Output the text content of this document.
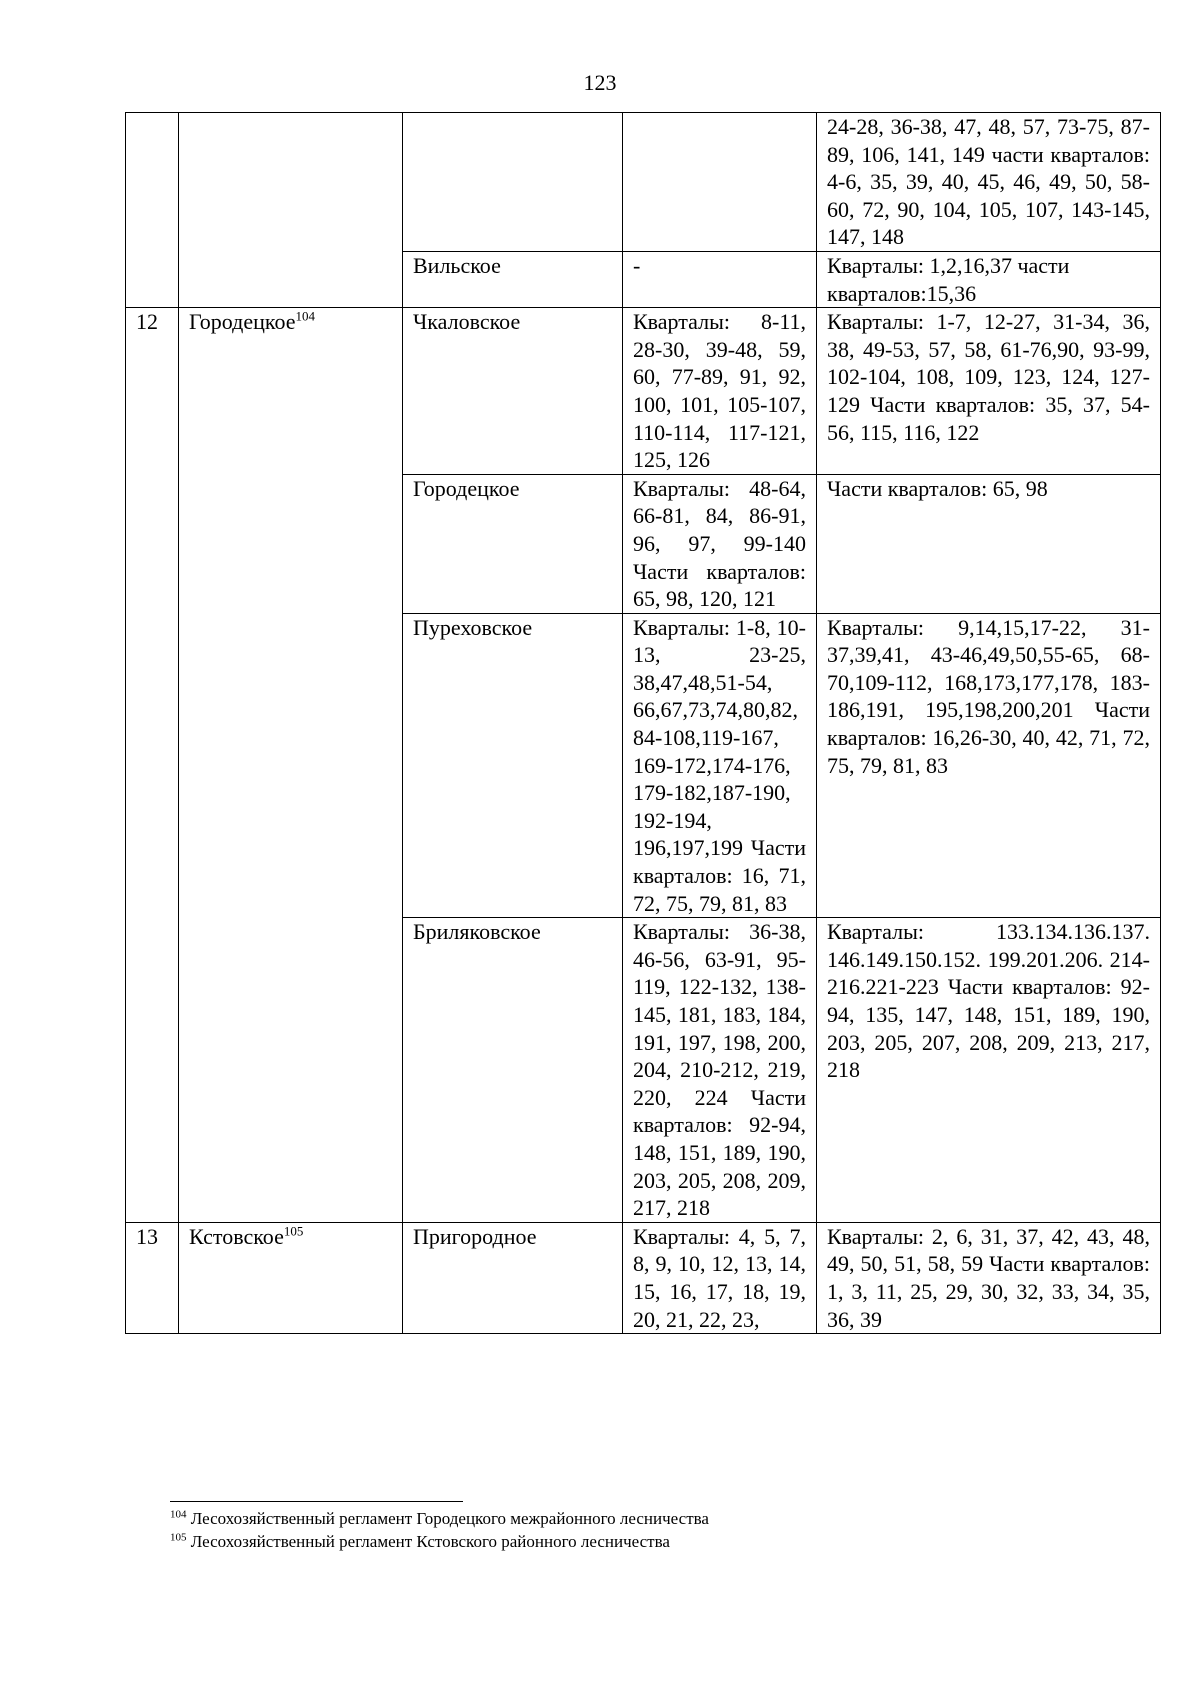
123
				24-28, 36-38, 47, 48, 57, 73-75, 87-89, 106, 141, 149 части кварталов: 4-6, 35, 39, 40, 45, 46, 49, 50, 58-60, 72, 90, 104, 105, 107, 143-145, 147, 148
		Вильское	-	Кварталы: 1,2,16,37 части кварталов:15,36
12	Городецкое$^{104}$	Чкаловское	Кварталы: 8-11, 28-30, 39-48, 59, 60, 77-89, 91, 92, 100, 101, 105-107, 110-114, 117-121, 125, 126	Кварталы: 1-7, 12-27, 31-34, 36, 38, 49-53, 57, 58, 61-76,90, 93-99, 102-104, 108, 109, 123, 124, 127-129 Части кварталов: 35, 37, 54-56, 115, 116, 122
		Городецкое	Кварталы: 48-64, 66-81, 84, 86-91, 96, 97, 99-140 Части кварталов: 65, 98, 120, 121	Части кварталов: 65, 98
		Пуреховское	Кварталы: 1-8, 10-13, 23-25, 38,47,48,51-54, 66,67,73,74,80,82, 84-108,119-167, 169-172,174-176, 179-182,187-190, 192-194, 196,197,199 Части кварталов: 16, 71, 72, 75, 79, 81, 83	Кварталы: 9,14,15,17-22, 31-37,39,41, 43-46,49,50,55-65, 68-70,109-112, 168,173,177,178, 183-186,191, 195,198,200,201 Части кварталов: 16,26-30, 40, 42, 71, 72, 75, 79, 81, 83
		Бриляковское	Кварталы: 36-38, 46-56, 63-91, 95-119, 122-132, 138-145, 181, 183, 184, 191, 197, 198, 200, 204, 210-212, 219, 220, 224 Части кварталов: 92-94, 148, 151, 189, 190, 203, 205, 208, 209, 217, 218	Кварталы: 133.134.136.137. 146.149.150.152. 199.201.206. 214-216.221-223 Части кварталов: 92-94, 135, 147, 148, 151, 189, 190, 203, 205, 207, 208, 209, 213, 217, 218
13	Кстовское$^{105}$	Пригородное	Кварталы: 4, 5, 7, 8, 9, 10, 12, 13, 14, 15, 16, 17, 18, 19, 20, 21, 22, 23,	Кварталы: 2, 6, 31, 37, 42, 43, 48, 49, 50, 51, 58, 59 Части кварталов: 1, 3, 11, 25, 29, 30, 32, 33, 34, 35, 36, 39
$^{104}$ Лесохозяйственный регламент Городецкого межрайонного лесничества
$^{105}$ Лесохозяйственный регламент Кстовского районного лесничества
